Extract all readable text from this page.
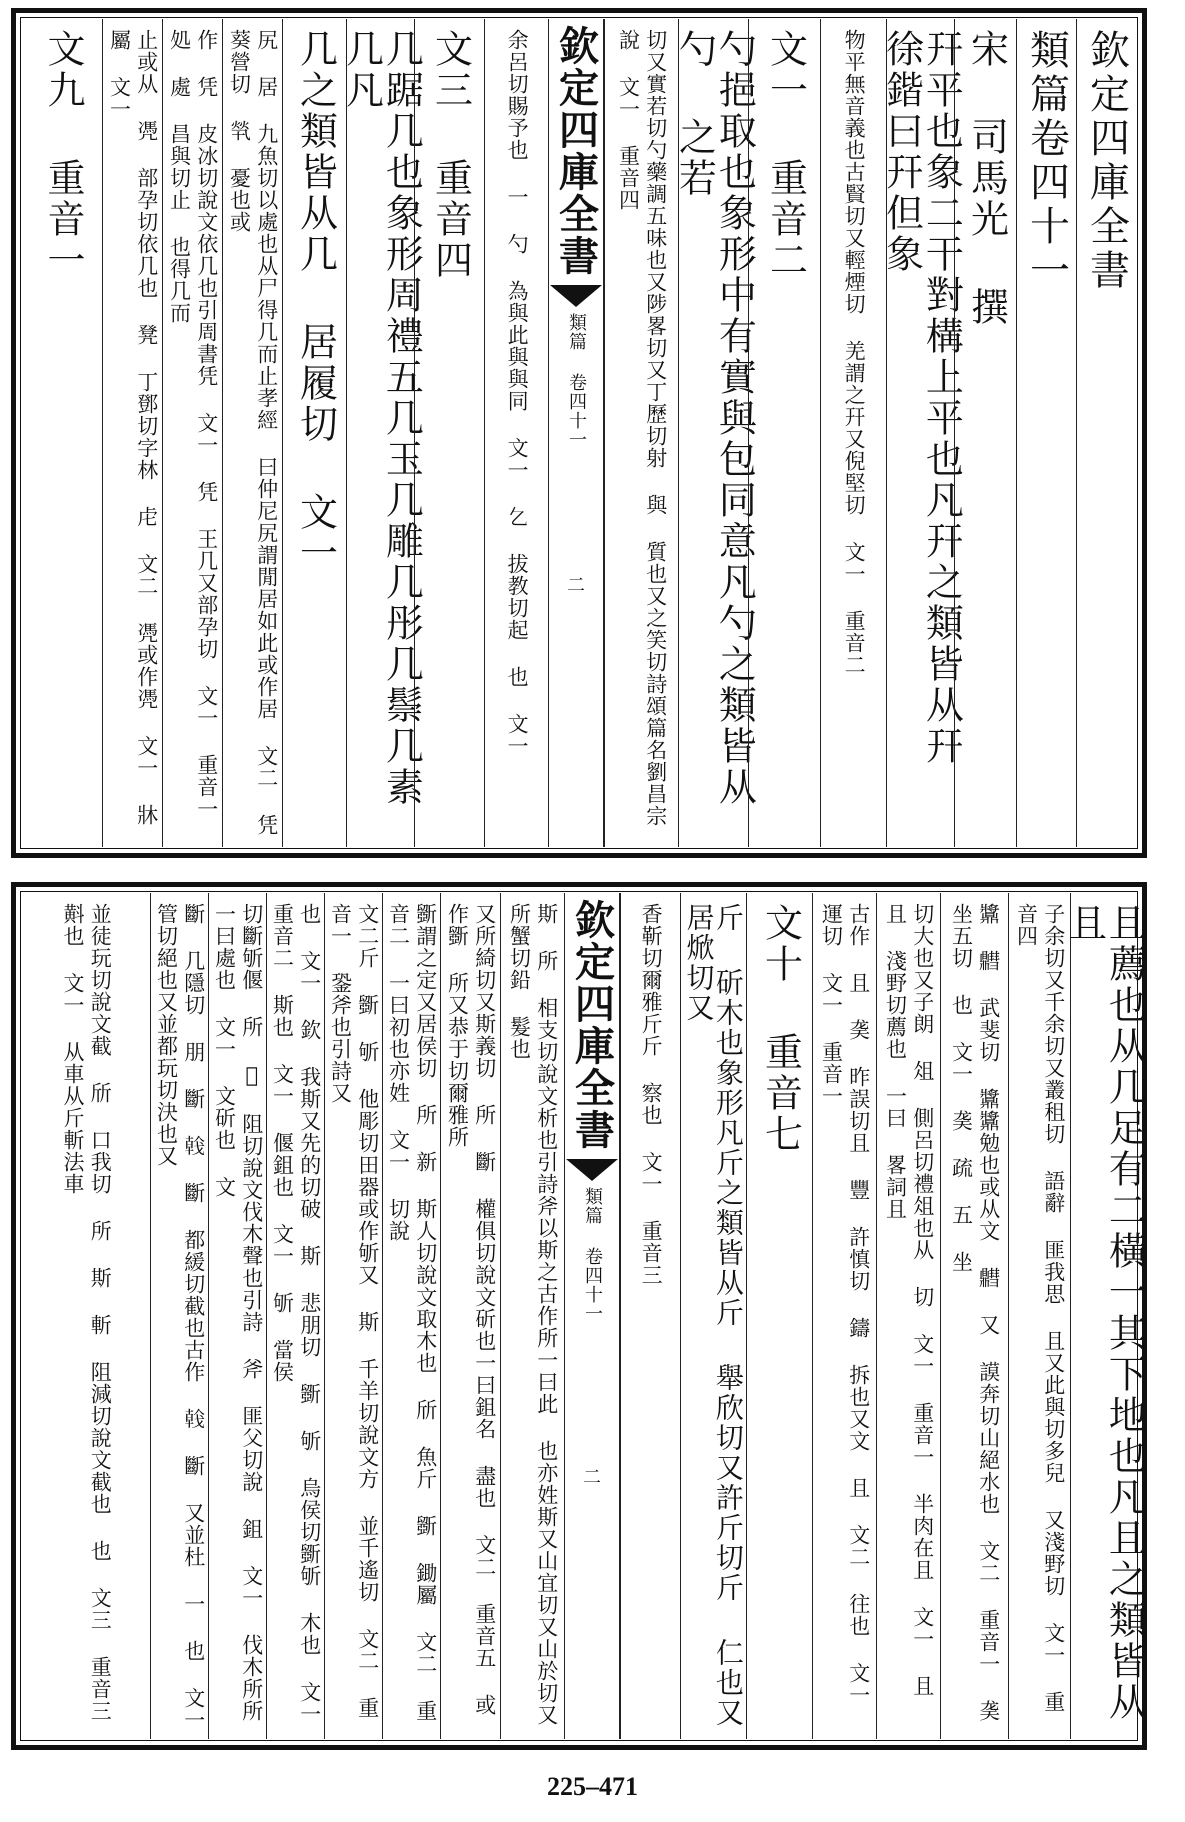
欽定四庫全書
類篇卷四十一
宋 司馬光 撰
幵平也象二干對構上平也凡幵之類皆从幵 徐鍇曰幵但象
物平無音義也古賢切又輕煙切 羌謂之幵又倪堅切 文一 重音二
文一 重音二
勺挹取也象形中有實與包同意凡勺之類皆从勺 之若
切又實若切勺藥調五味也又陟畧切又丁歷切射 與 質也又之笑切詩頌篇名劉昌宗說 文一 重音四
欽定四庫全書
類篇 卷四十一
二
余呂切賜予也 一 勺 為與此與與同 文一 𠃉 拔教切起 也 文一
文三 重音四
几踞几也象形周禮五几玉几雕几彤几鬃几素几凡
几之類皆从几 居履切 文一
尻 居 九魚切以處也从尸得几而止孝經 曰仲尼尻謂閒居如此或作居 文二 凭 葵營切 㷀 憂也或
作 凭 皮冰切說文依几也引周書凭 文一 凭 王几又部孕切 文一 重音一 処 處 昌與切止 也得几而
止或从 凴 部孕切依几也 凳 丁鄧切字林 虍 文二 凴或作凴 文一 牀屬 文一
文九 重音一
且薦也从几足有二橫一其下地也凡且之類皆从且
子余切又千余切又叢租切 語辭 匪我思 且又此與切多兒 又淺野切 文一 重音四
䵼 䵻 武斐切 䵼䵼勉也或从文 䵻 又 謨奔切山絕水也 文二 重音一 䶮 坐五切 也 文一 䶮 疏 五 坐
切大也又子朗 俎 側呂切禮俎也从 切 文一 重音一 半肉在且 文一 且 且 淺野切薦也 一曰 畧詞且
古作 且 䶮 昨誤切且 豐 許慎切 鑄 拆也又文 且 文二 往也 文一 運切 文一 重音一
文十 重音七
斤 斫木也象形凡斤之類皆从斤 舉欣切又許斤切斤 仁也又居焮切又
香靳切爾雅斤斤 察也 文一 重音三
欽定四庫全書
類篇 卷四十一
二
斯 所 相支切說文析也引詩斧以斯之古作所一曰此 也亦姓斯又山宜切又山於切又所蟹切鉛 髮也
又所綺切又斯義切 所 斷 權俱切說文斫也一曰鉏名 盡也 文二 重音五 或作斵 所又恭于切爾雅所
斵謂之定又居侯切 所 新 斯人切說文取木也 斦 魚斤 斵 鋤屬 文二 重音二 一曰初也亦姓 文一 切說
文二斤 斵 斪 他彫切田器或作斪又 斯 千羊切說文方 並千遙切 文二 重音一 銎斧也引詩又
也 文一 欽 我斯又先的切破 斯 悲朋切 斵 斪 烏侯切斵斪 木也 文一 重音二 斯也 文一 偃鉏也 文一 斪 當侯
切斷斪偃 所 𣂸 阻切說文伐木聲也引詩 斧 匪父切說 鉏 文一 伐木所所 一曰處也 文一 文斫也 文
斷 几隱切 朋 斷 𢧢 斷 都緩切截也古作 𢧢 斷 又並杜 一 也 文一 管切絕也又並都玩切決也又
並徒玩切說文截 斦 口我切 所 斯 斬 阻減切說文截也 也 文三 重音三 斢也 文一 从車从斤斬法車
225–471
